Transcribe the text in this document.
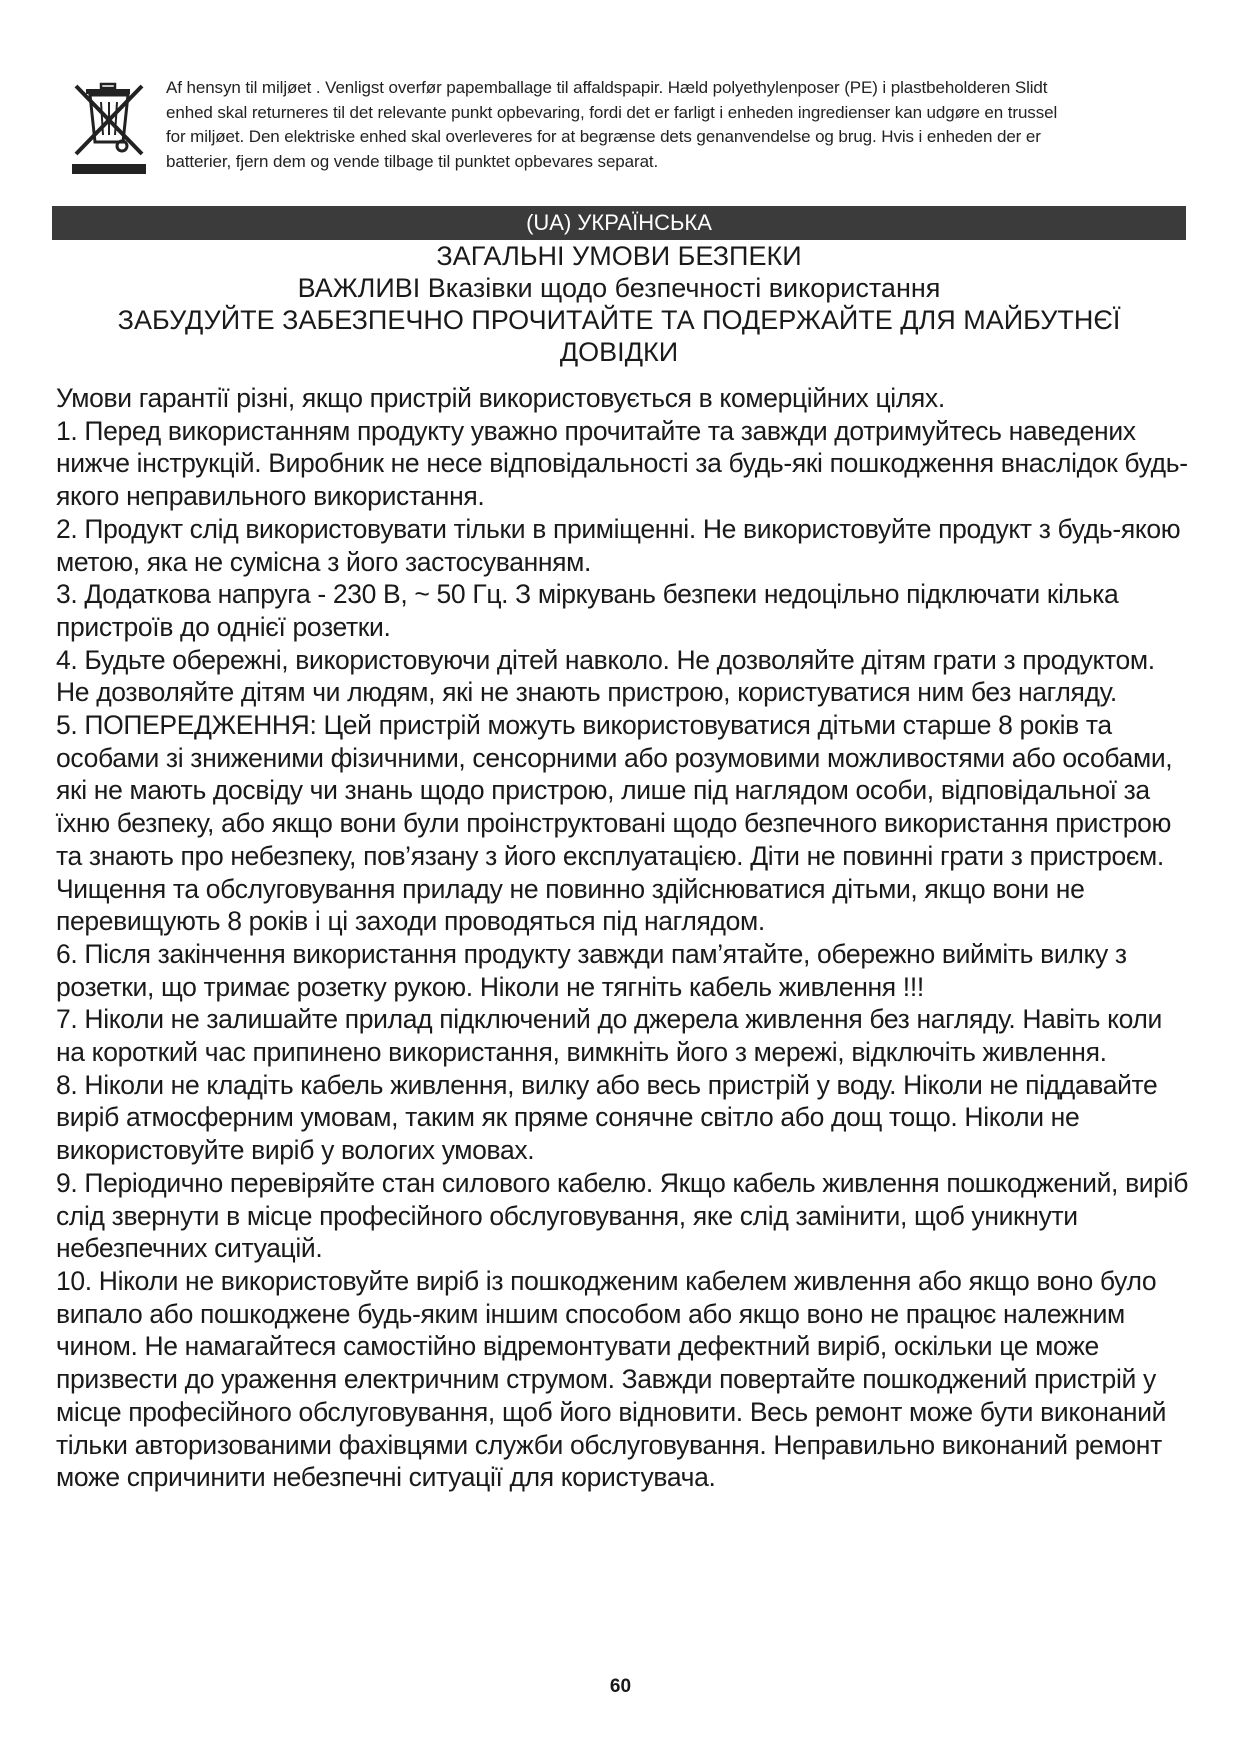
Af hensyn til miljøet . Venligst overfør papemballage til affaldspapir. Hæld polyethylenposer (PE) i plastbeholderen Slidt
enhed skal returneres til det relevante punkt opbevaring, fordi det er farligt i enheden ingredienser kan udgøre en trussel
for miljøet. Den elektriske enhed skal overleveres for at begrænse dets genanvendelse og brug. Hvis i enheden der er
batterier, fjern dem og vende tilbage til punktet opbevares separat.
(UA) УКРАЇНСЬКА
ЗАГАЛЬНІ УМОВИ БЕЗПЕКИ
ВАЖЛИВІ Вказівки щодо безпечності використання
ЗАБУДУЙТЕ ЗАБЕЗПЕЧНО ПРОЧИТАЙТЕ ТА ПОДЕРЖАЙТЕ ДЛЯ МАЙБУТНЄЇ
ДОВІДКИ

Умови гарантії різні, якщо пристрій використовується в комерційних цілях.

1. Перед використанням продукту уважно прочитайте та завжди дотримуйтесь наведених нижче інструкцій. Виробник не несе відповідальності за будь-які пошкодження внаслідок будь-якого неправильного використання.

2. Продукт слід використовувати тільки в приміщенні. Не використовуйте продукт з будь-якою метою, яка не сумісна з його застосуванням.

3. Додаткова напруга - 230 В, ~ 50 Гц. З міркувань безпеки недоцільно підключати кілька пристроїв до однієї розетки.

4. Будьте обережні, використовуючи дітей навколо. Не дозволяйте дітям грати з продуктом. Не дозволяйте дітям чи людям, які не знають пристрою, користуватися ним без нагляду.

5. ПОПЕРЕДЖЕННЯ: Цей пристрій можуть використовуватися дітьми старше 8 років та особами зі зниженими фізичними, сенсорними або розумовими можливостями або особами, які не мають досвіду чи знань щодо пристрою, лише під наглядом особи, відповідальної за їхню безпеку, або якщо вони були проінструктовані щодо безпечного використання пристрою та знають про небезпеку, пов’язану з його експлуатацією. Діти не повинні грати з пристроєм. Чищення та обслуговування приладу не повинно здійснюватися дітьми, якщо вони не перевищують 8 років і ці заходи проводяться під наглядом.

6. Після закінчення використання продукту завжди пам’ятайте, обережно вийміть вилку з розетки, що тримає розетку рукою. Ніколи не тягніть кабель живлення !!!

7. Ніколи не залишайте прилад підключений до джерела живлення без нагляду. Навіть коли на короткий час припинено використання, вимкніть його з мережі, відключіть живлення.

8. Ніколи не кладіть кабель живлення, вилку або весь пристрій у воду. Ніколи не піддавайте виріб атмосферним умовам, таким як пряме сонячне світло або дощ тощо. Ніколи не використовуйте виріб у вологих умовах.

9. Періодично перевіряйте стан силового кабелю. Якщо кабель живлення пошкоджений, виріб слід звернути в місце професійного обслуговування, яке слід замінити, щоб уникнути небезпечних ситуацій.

10. Ніколи не використовуйте виріб із пошкодженим кабелем живлення або якщо воно було випало або пошкоджене будь-яким іншим способом або якщо воно не працює належним чином. Не намагайтеся самостійно відремонтувати дефектний виріб, оскільки це може призвести до ураження електричним струмом. Завжди повертайте пошкоджений пристрій у місце професійного обслуговування, щоб його відновити. Весь ремонт може бути виконаний тільки авторизованими фахівцями служби обслуговування. Неправильно виконаний ремонт може спричинити небезпечні ситуації для користувача.

60
